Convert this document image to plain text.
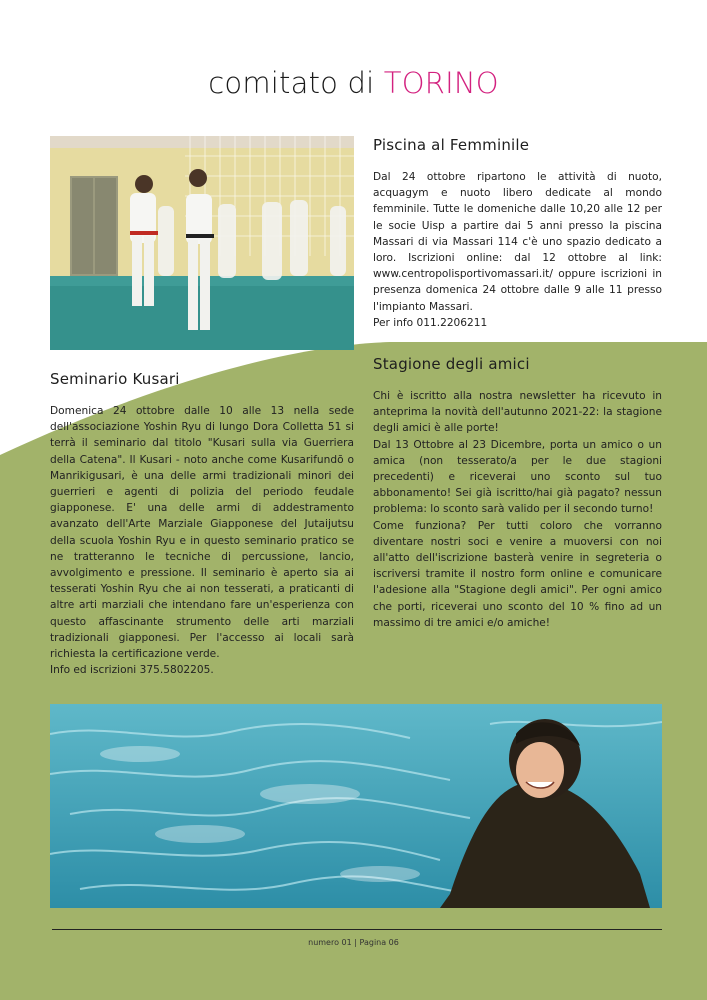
comitato di TORINO
Piscina al Femminile

Dal 24 ottobre ripartono le attività di nuoto, acquagym e nuoto libero dedicate al mondo femminile. Tutte le domeniche dalle 10,20 alle 12 per le socie Uisp a partire dai 5 anni presso la piscina Massari di via Massari 114 c'è uno spazio dedicato a loro. Iscrizioni online: dal 12 ottobre al link: www.centropolisportivomassari.it/ oppure iscrizioni in presenza domenica 24 ottobre dalle 9 alle 11 presso l'impianto Massari.

Per info 011.2206211

Stagione degli amici

Chi è iscritto alla nostra newsletter ha ricevuto in anteprima la novità dell'autunno 2021-22: la stagione degli amici è alle porte!

Dal 13 Ottobre al 23 Dicembre, porta un amico o un amica (non tesserato/a per le due stagioni precedenti) e riceverai uno sconto sul tuo abbonamento! Sei già iscritto/hai già pagato? nessun problema: lo sconto sarà valido per il secondo turno!

Come funziona? Per tutti coloro che vorranno diventare nostri soci e venire a muoversi con noi all'atto dell'iscrizione basterà venire in segreteria o iscriversi tramite il nostro form online e comunicare l'adesione alla "Stagione degli amici". Per ogni amico che porti, riceverai uno sconto del 10 % fino ad un massimo di tre amici e/o amiche!

Seminario Kusari

Domenica 24 ottobre dalle 10 alle 13 nella sede dell'associazione Yoshin Ryu di lungo Dora Colletta 51 si terrà il seminario dal titolo "Kusari sulla via Guerriera della Catena". Il Kusari - noto anche come Kusarifundō o Manrikigusari, è una delle armi tradizionali minori dei guerrieri e agenti di polizia del periodo feudale giapponese. E' una delle armi di addestramento avanzato dell'Arte Marziale Giapponese del Jutaijutsu della scuola Yoshin Ryu e in questo seminario pratico se ne tratteranno le tecniche di percussione, lancio, avvolgimento e pressione. Il seminario è aperto sia ai tesserati Yoshin Ryu che ai non tesserati, a praticanti di altre arti marziali che intendano fare un'esperienza con questo affascinante strumento delle arti marziali tradizionali giapponesi. Per l'accesso ai locali sarà richiesta la certificazione verde.

Info ed iscrizioni 375.5802205.

numero 01 | Pagina 06
